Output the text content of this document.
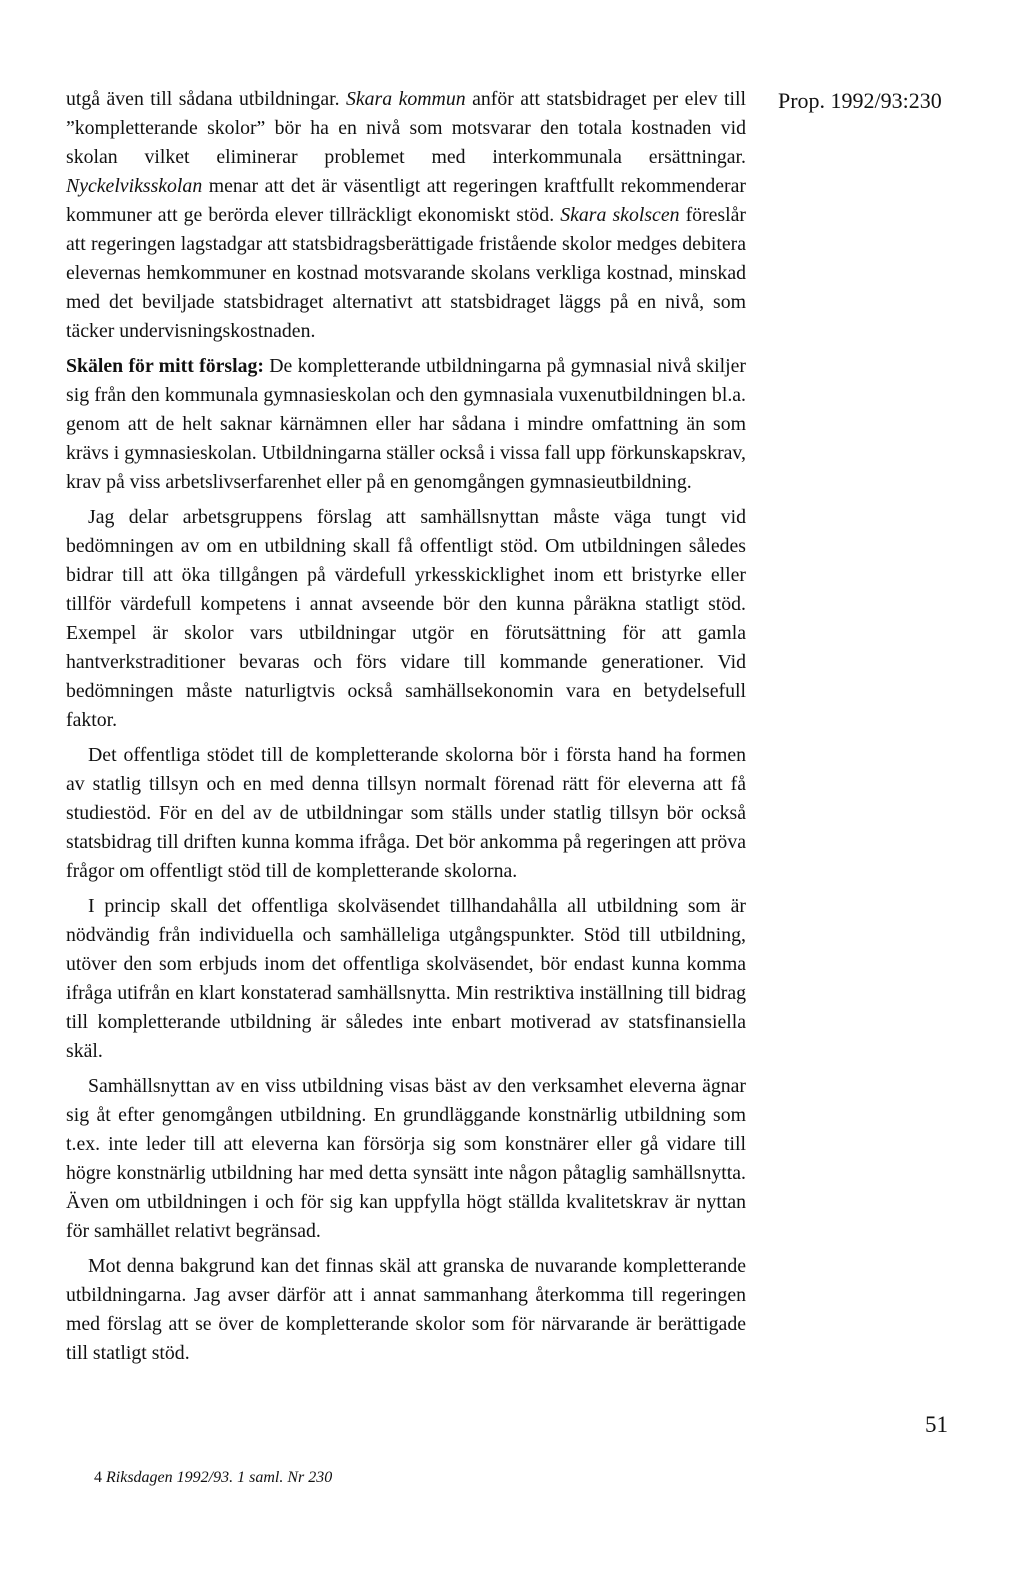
Prop. 1992/93:230

utgå även till sådana utbildningar. Skara kommun anför att statsbidraget per elev till ”kompletterande skolor” bör ha en nivå som motsvarar den totala kostnaden vid skolan vilket eliminerar problemet med interkommunala ersättningar. Nyckelviksskolan menar att det är väsentligt att regeringen kraftfullt rekommenderar kommuner att ge berörda elever tillräckligt ekonomiskt stöd. Skara skolscen föreslår att regeringen lagstadgar att statsbidragsberättigade fristående skolor medges debitera elevernas hemkommuner en kostnad motsvarande skolans verkliga kostnad, minskad med det beviljade statsbidraget alternativt att statsbidraget läggs på en nivå, som täcker undervisningskostnaden.

Skälen för mitt förslag: De kompletterande utbildningarna på gymnasial nivå skiljer sig från den kommunala gymnasieskolan och den gymnasiala vuxenutbildningen bl.a. genom att de helt saknar kärnämnen eller har sådana i mindre omfattning än som krävs i gymnasieskolan. Utbildningarna ställer också i vissa fall upp förkunskapskrav, krav på viss arbetslivserfarenhet eller på en genomgången gymnasieutbildning.

Jag delar arbetsgruppens förslag att samhällsnyttan måste väga tungt vid bedömningen av om en utbildning skall få offentligt stöd. Om utbildningen således bidrar till att öka tillgången på värdefull yrkesskicklighet inom ett bristyrke eller tillför värdefull kompetens i annat avseende bör den kunna påräkna statligt stöd. Exempel är skolor vars utbildningar utgör en förutsättning för att gamla hantverkstraditioner bevaras och förs vidare till kommande generationer. Vid bedömningen måste naturligtvis också samhällsekonomin vara en betydelsefull faktor.

Det offentliga stödet till de kompletterande skolorna bör i första hand ha formen av statlig tillsyn och en med denna tillsyn normalt förenad rätt för eleverna att få studiestöd. För en del av de utbildningar som ställs under statlig tillsyn bör också statsbidrag till driften kunna komma ifråga. Det bör ankomma på regeringen att pröva frågor om offentligt stöd till de kompletterande skolorna.

I princip skall det offentliga skolväsendet tillhandahålla all utbildning som är nödvändig från individuella och samhälleliga utgångspunkter. Stöd till utbildning, utöver den som erbjuds inom det offentliga skolväsendet, bör endast kunna komma ifråga utifrån en klart konstaterad samhällsnytta. Min restriktiva inställning till bidrag till kompletterande utbildning är således inte enbart motiverad av statsfinansiella skäl.

Samhällsnyttan av en viss utbildning visas bäst av den verksamhet eleverna ägnar sig åt efter genomgången utbildning. En grundläggande konstnärlig utbildning som t.ex. inte leder till att eleverna kan försörja sig som konstnärer eller gå vidare till högre konstnärlig utbildning har med detta synsätt inte någon påtaglig samhällsnytta. Även om utbildningen i och för sig kan uppfylla högt ställda kvalitetskrav är nyttan för samhället relativt begränsad.

Mot denna bakgrund kan det finnas skäl att granska de nuvarande kompletterande utbildningarna. Jag avser därför att i annat sammanhang återkomma till regeringen med förslag att se över de kompletterande skolor som för närvarande är berättigade till statligt stöd.

51
4 Riksdagen 1992/93. 1 saml. Nr 230
